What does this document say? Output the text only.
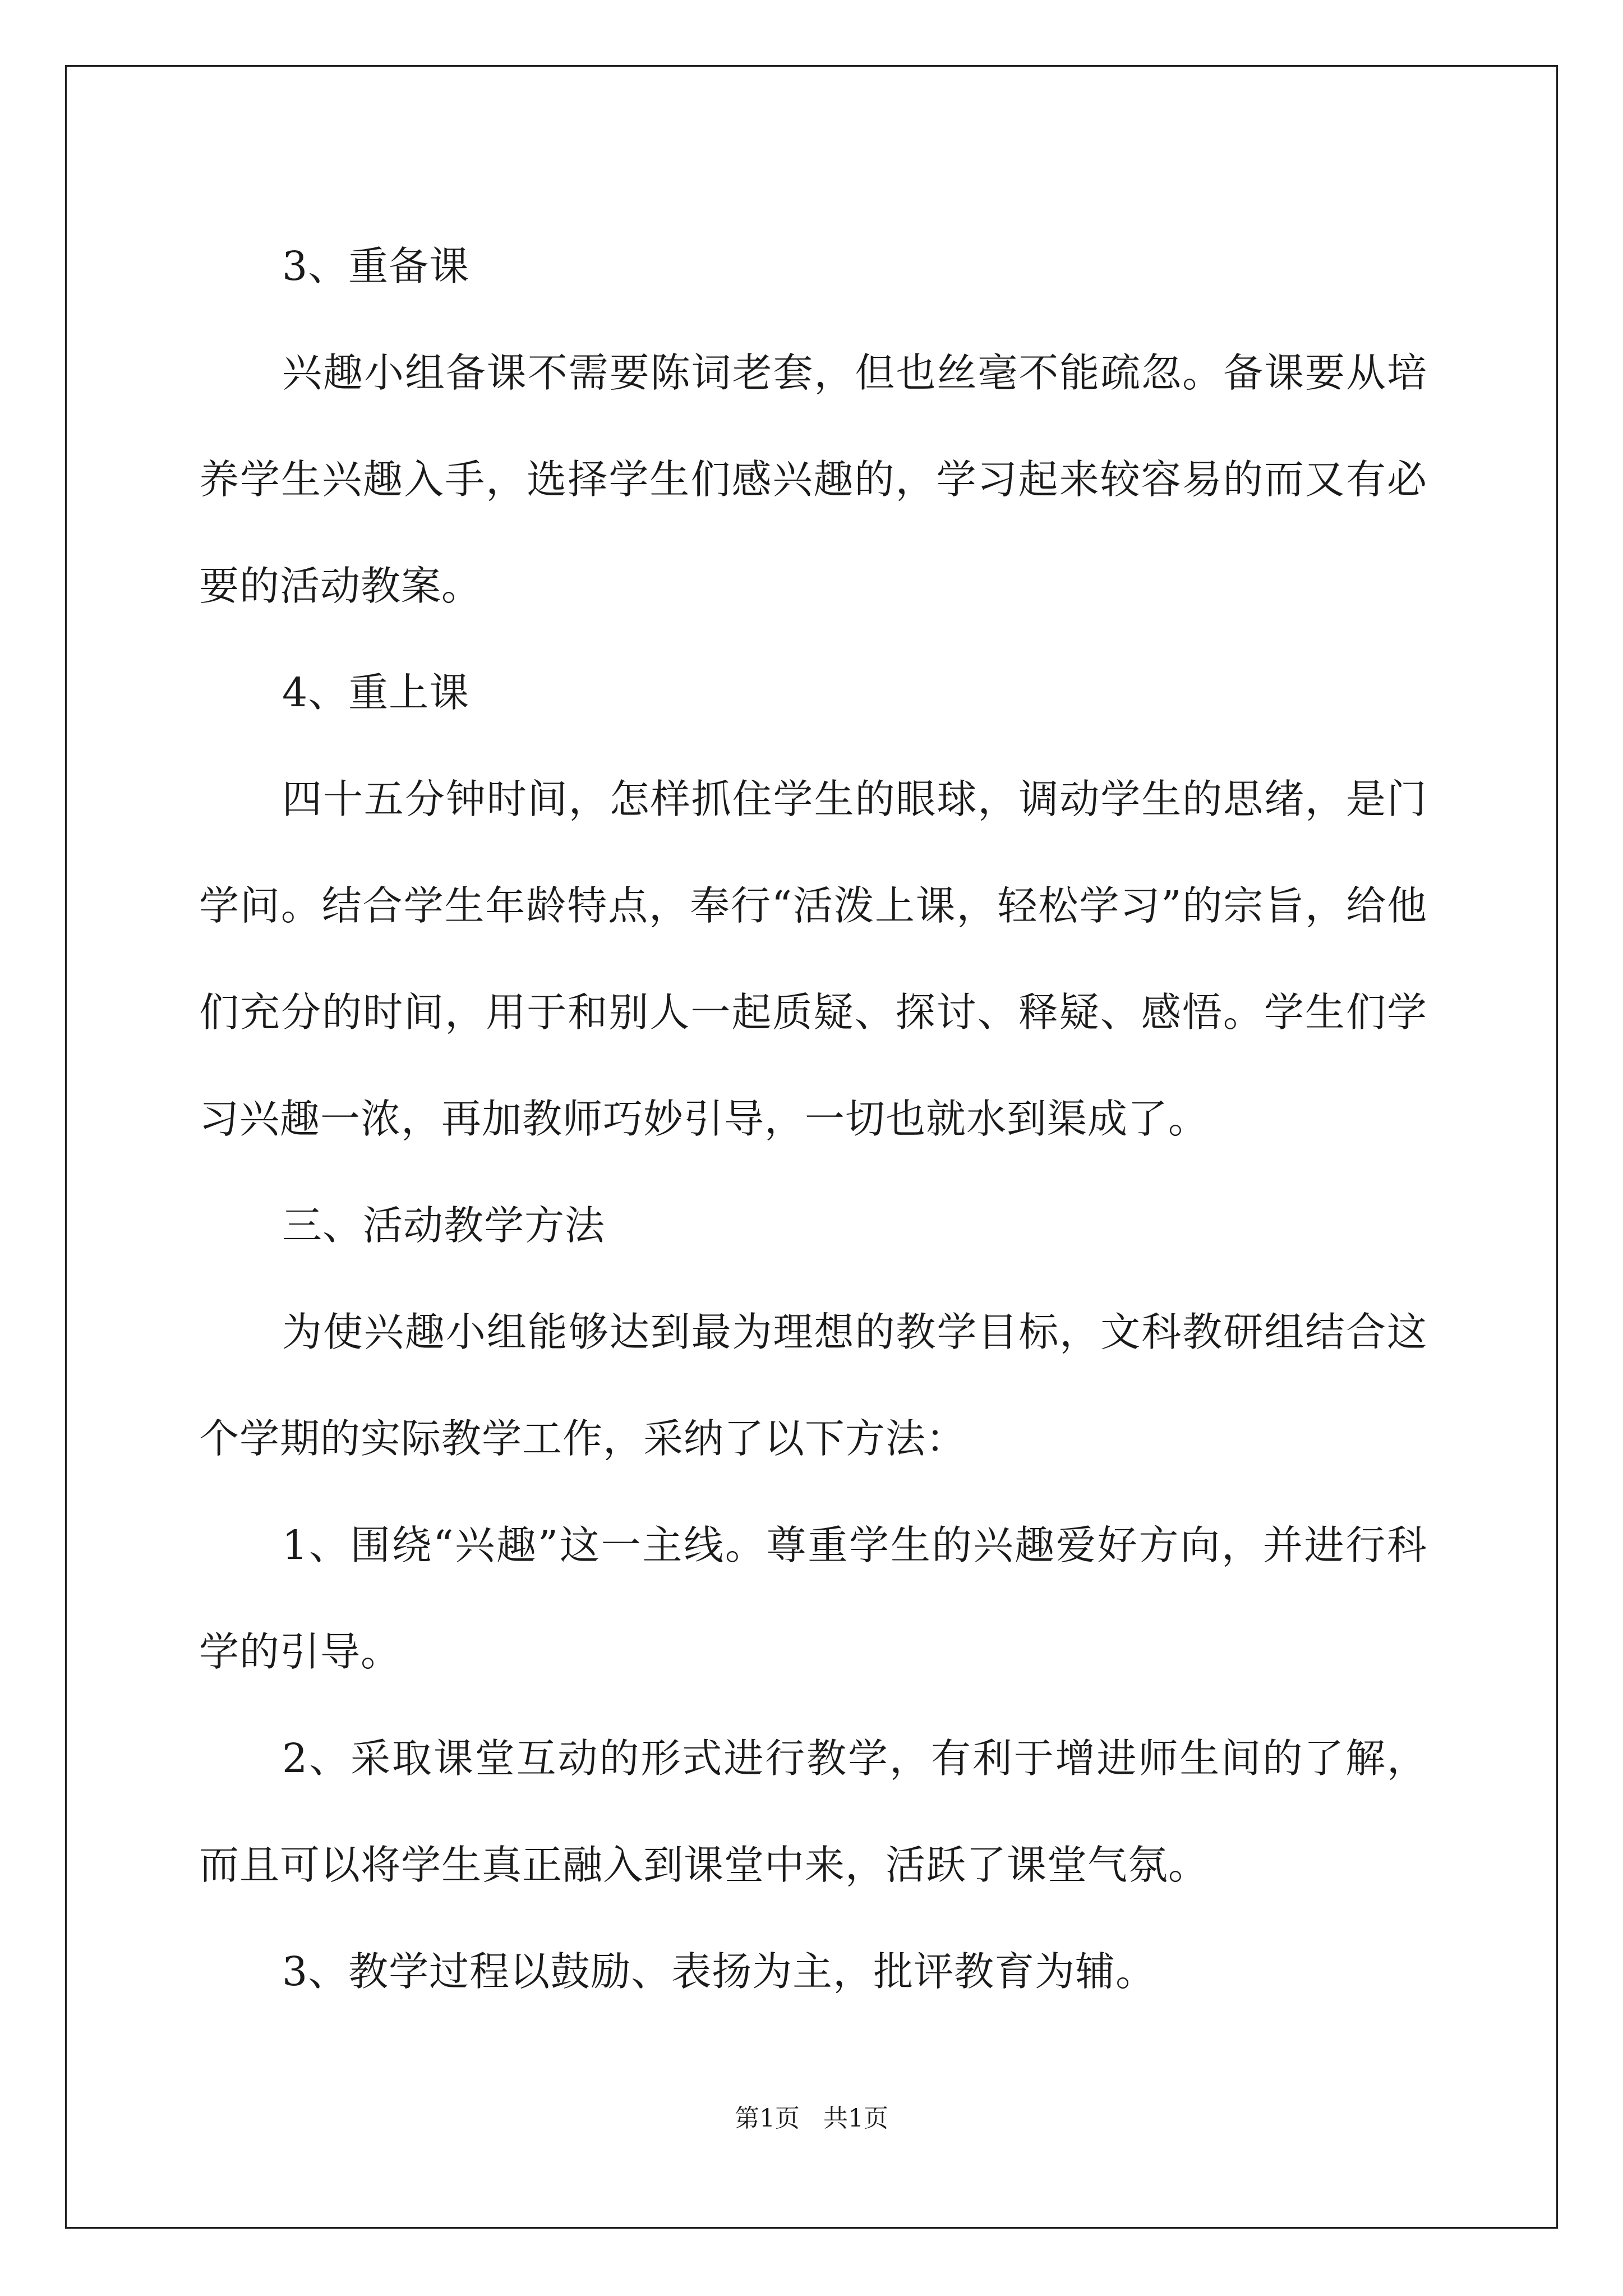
3、重备课

兴趣小组备课不需要陈词老套，但也丝毫不能疏忽。备课要从培养学生兴趣入手，选择学生们感兴趣的，学习起来较容易的而又有必要的活动教案。

4、重上课

四十五分钟时间，怎样抓住学生的眼球，调动学生的思绪，是门学问。结合学生年龄特点，奉行“活泼上课，轻松学习”的宗旨，给他们充分的时间，用于和别人一起质疑、探讨、释疑、感悟。学生们学习兴趣一浓，再加教师巧妙引导，一切也就水到渠成了。

三、活动教学方法

为使兴趣小组能够达到最为理想的教学目标，文科教研组结合这个学期的实际教学工作，采纳了以下方法：

1、围绕“兴趣”这一主线。尊重学生的兴趣爱好方向，并进行科学的引导。

2、采取课堂互动的形式进行教学，有利于增进师生间的了解，而且可以将学生真正融入到课堂中来，活跃了课堂气氛。

3、教学过程以鼓励、表扬为主，批评教育为辅。

第1页 共1页
